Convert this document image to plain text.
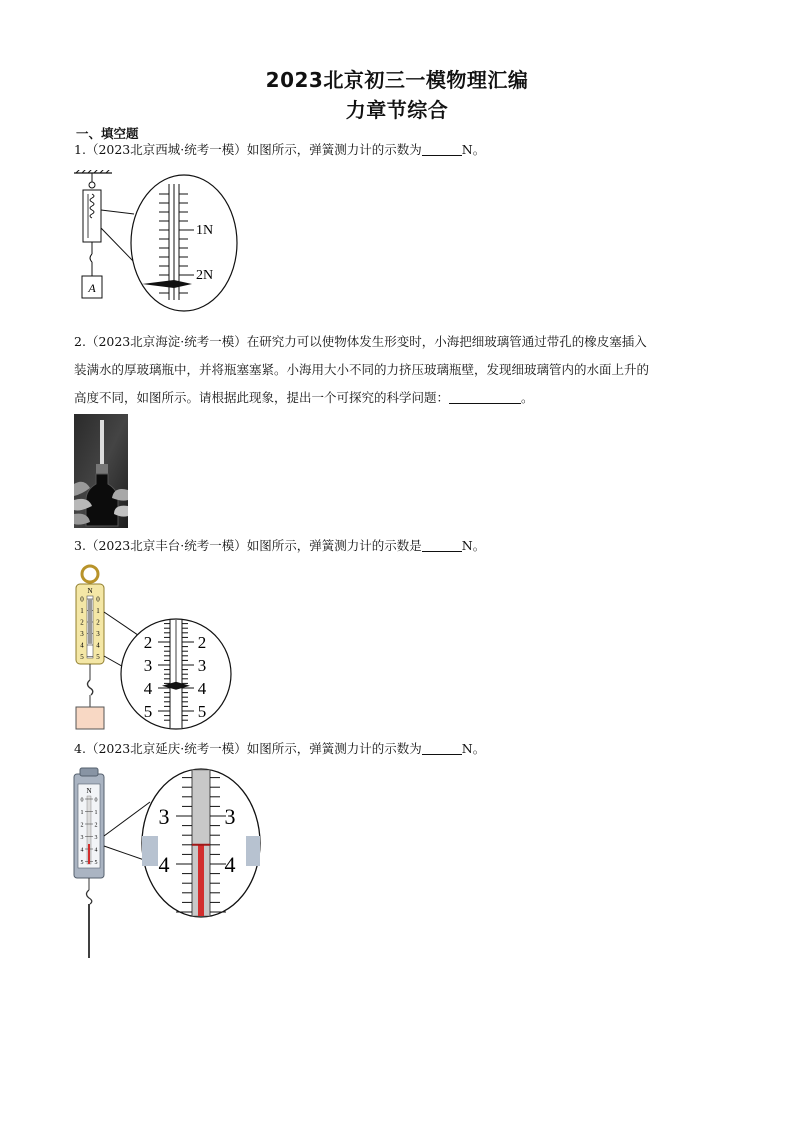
2023北京初三一模物理汇编
力章节综合
一、填空题
1.（2023北京西城·统考一模）如图所示，弹簧测力计的示数为	N。
A
1N
2N
2.（2023北京海淀·统考一模）在研究力可以使物体发生形变时，小海把细玻璃管通过带孔的橡皮塞插入
装满水的厚玻璃瓶中，并将瓶塞塞紧。小海用大小不同的力挤压玻璃瓶壁，发现细玻璃管内的水面上升的
高度不同，如图所示。请根据此现象，提出一个可探究的科学问题：	。
3.（2023北京丰台·统考一模）如图所示，弹簧测力计的示数是	N。
N
0 0
1 1
2 2
3 3
4 4
5 5
2	2
3	3
4	4
5	5
4.（2023北京延庆·统考一模）如图所示，弹簧测力计的示数为	N。
N
0 0
1 1
2 2
3 3
4 4
5 5
3	3
4	4
